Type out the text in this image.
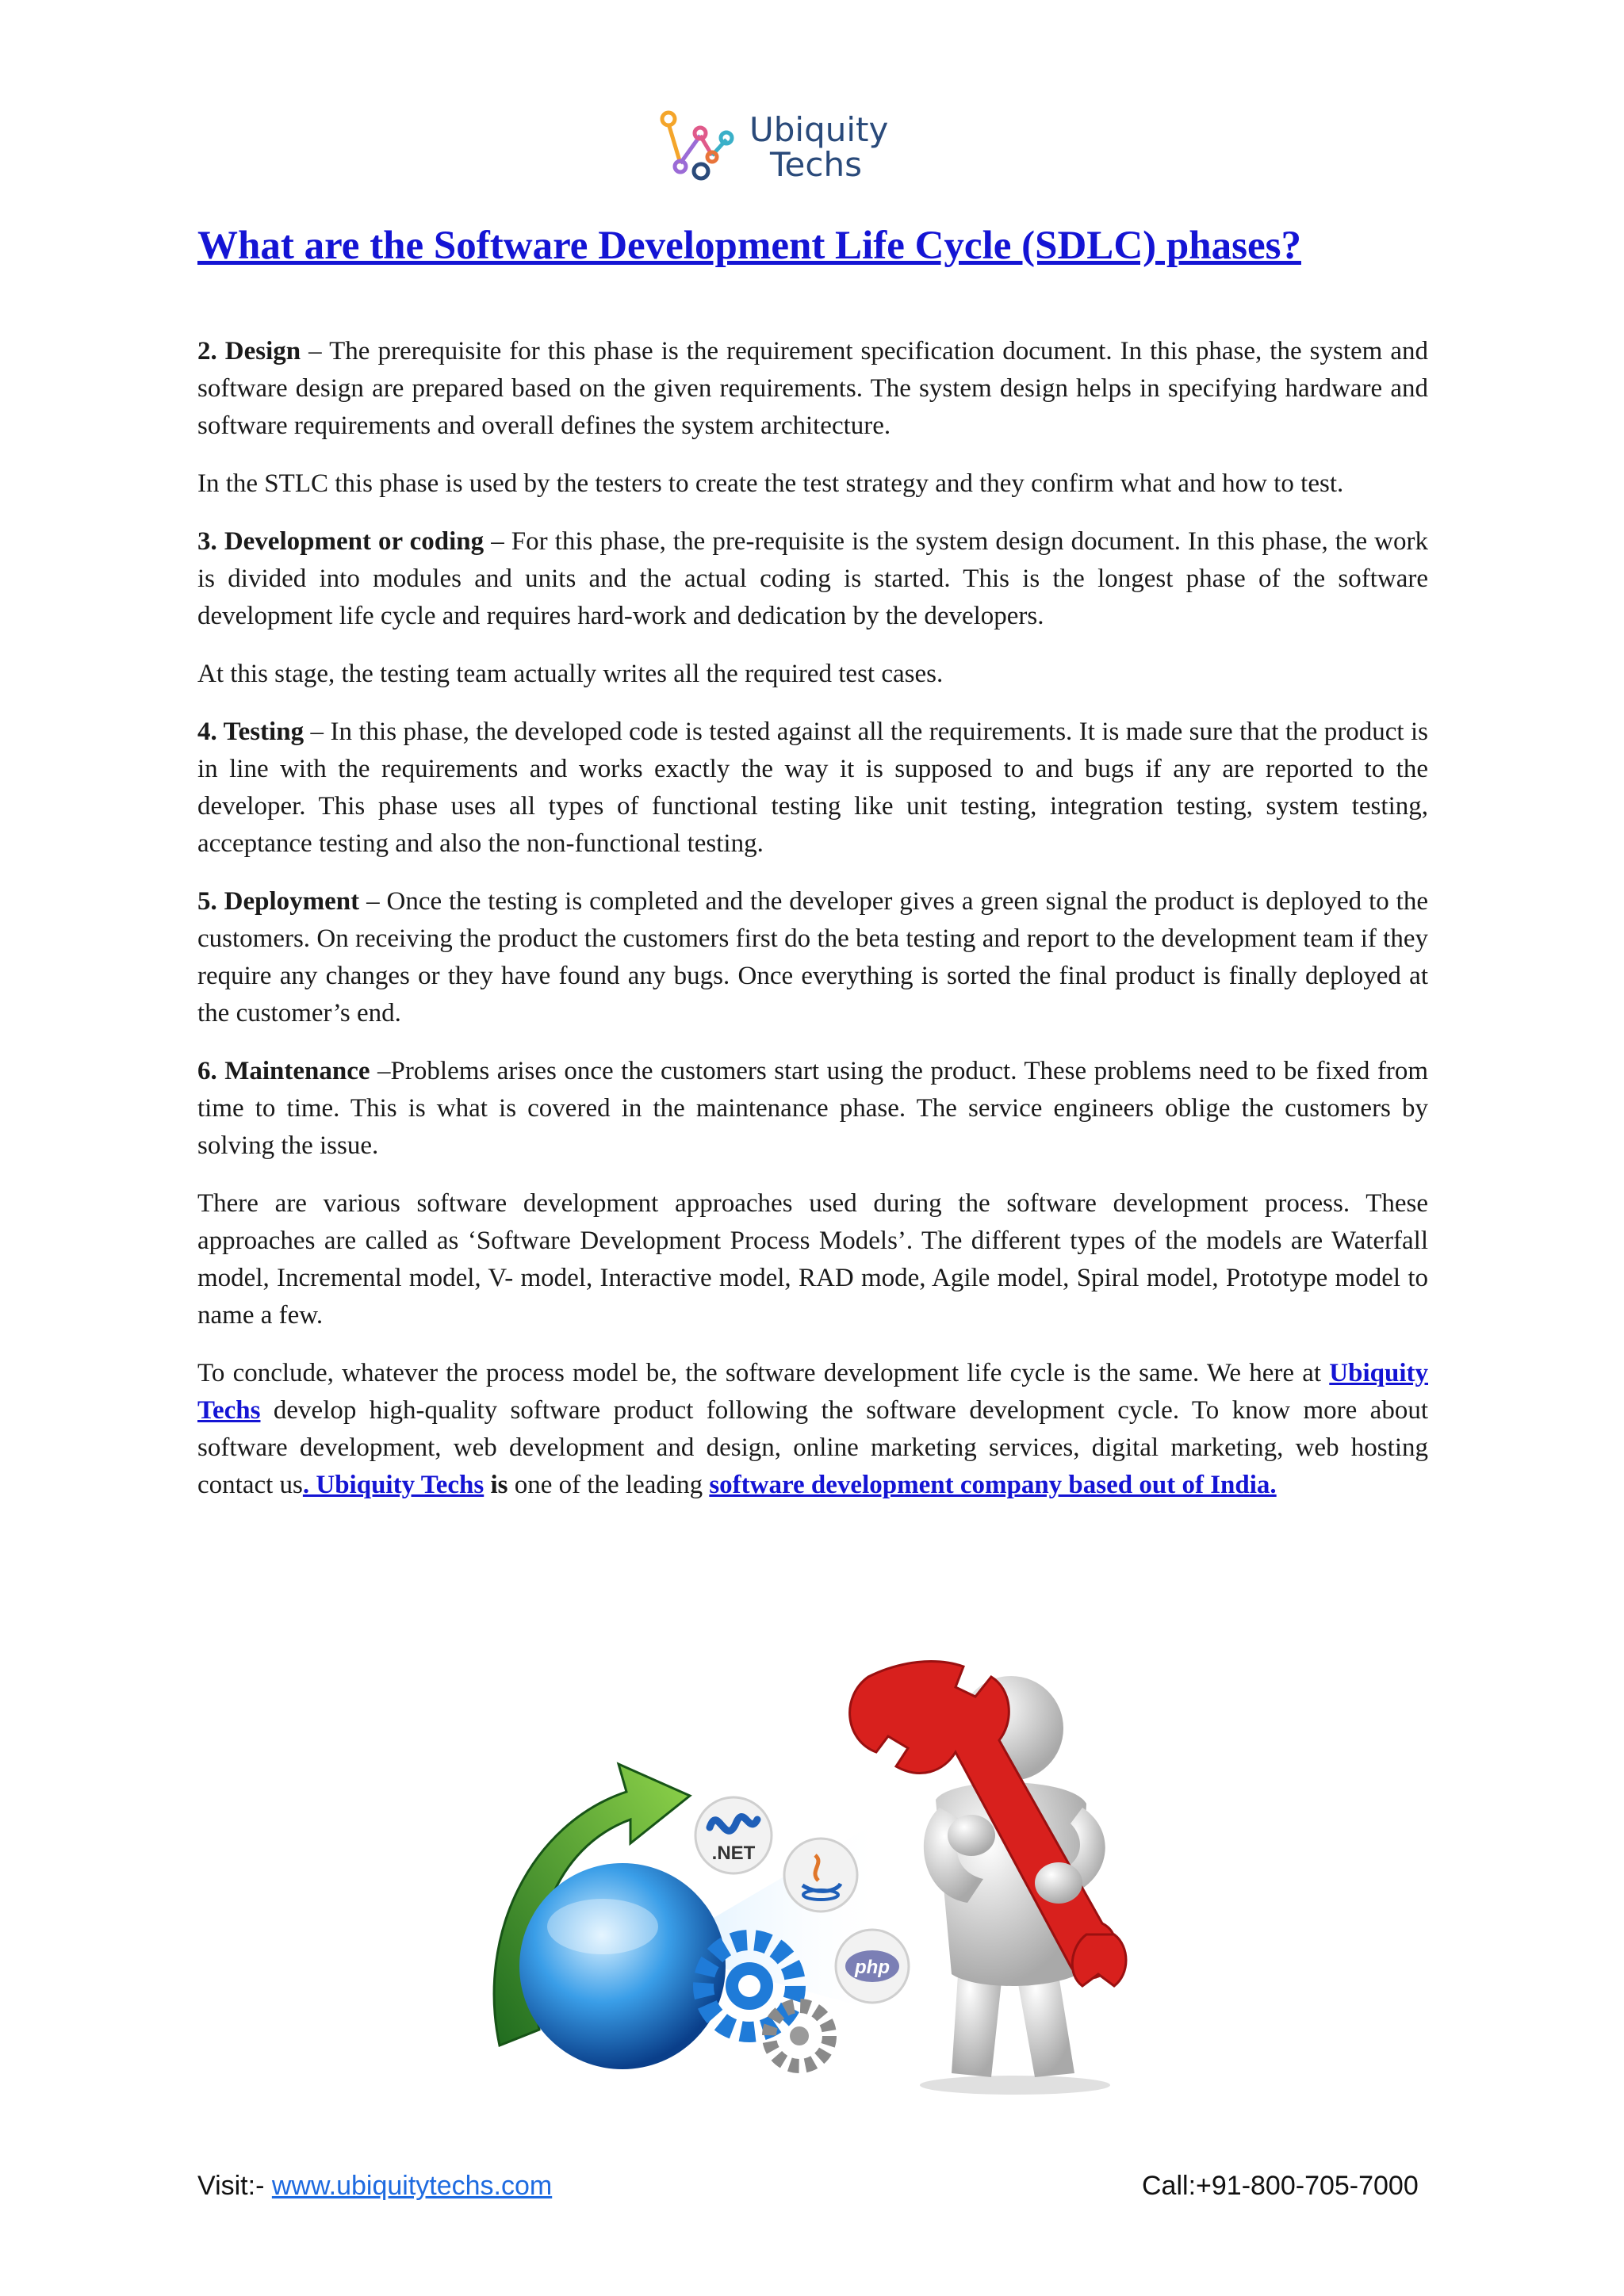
Ubiquity
Techs
What are the Software Development Life Cycle (SDLC) phases?

2. Design – The prerequisite for this phase is the requirement specification document. In this phase, the system and software design are prepared based on the given requirements. The system design helps in specifying hardware and software requirements and overall defines the system architecture.

In the STLC this phase is used by the testers to create the test strategy and they confirm what and how to test.

3. Development or coding – For this phase, the pre-requisite is the system design document. In this phase, the work is divided into modules and units and the actual coding is started. This is the longest phase of the software development life cycle and requires hard-work and dedication by the developers.

At this stage, the testing team actually writes all the required test cases.

4. Testing – In this phase, the developed code is tested against all the requirements. It is made sure that the product is in line with the requirements and works exactly the way it is supposed to and bugs if any are reported to the developer. This phase uses all types of functional testing like unit testing, integration testing, system testing, acceptance testing and also the non-functional testing.

5. Deployment – Once the testing is completed and the developer gives a green signal the product is deployed to the customers. On receiving the product the customers first do the beta testing and report to the development team if they require any changes or they have found any bugs. Once everything is sorted the final product is finally deployed at the customer’s end.

6. Maintenance –Problems arises once the customers start using the product. These problems need to be fixed from time to time. This is what is covered in the maintenance phase. The service engineers oblige the customers by solving the issue.

There are various software development approaches used during the software development process. These approaches are called as ‘Software Development Process Models’. The different types of the models are Waterfall model, Incremental model, V- model, Interactive model, RAD mode, Agile model, Spiral model, Prototype model to name a few.

To conclude, whatever the process model be, the software development life cycle is the same. We here at Ubiquity Techs develop high-quality software product following the software development cycle. To know more about software development, web development and design, online marketing services, digital marketing, web hosting contact us. Ubiquity Techs is one of the leading software development company based out of India.

.NET
php
Visit:- www.ubiquitytechs.com	Call:+91-800-705-7000
